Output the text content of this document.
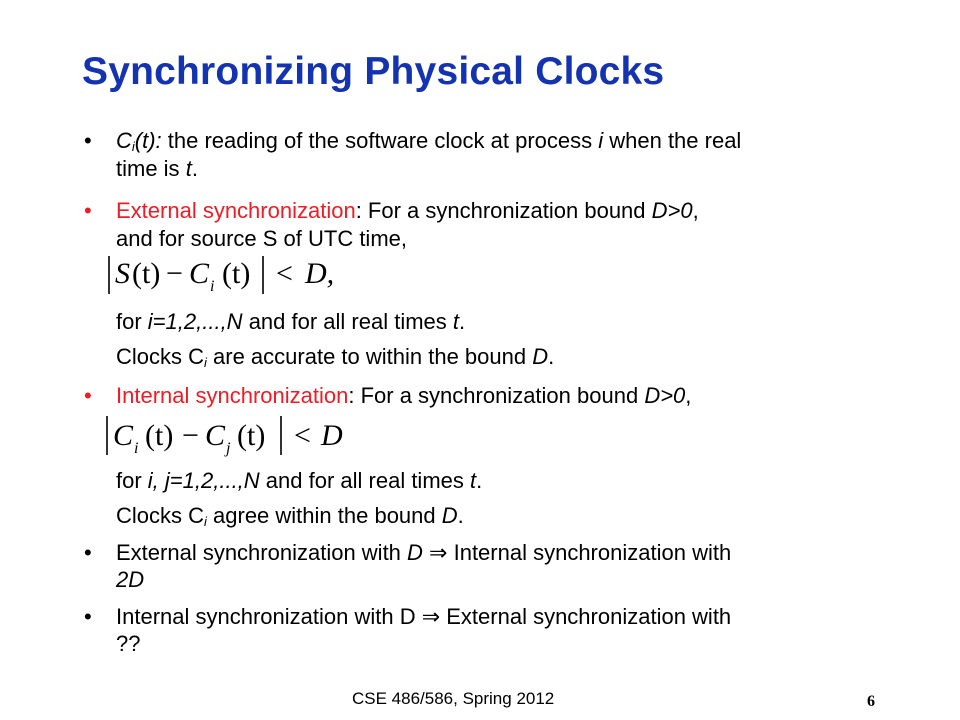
Synchronizing Physical Clocks
• $C_i(t)$: the reading of the software clock at process i when the real
time is t.
• External synchronization: For a synchronization bound D>0,
and for source S of UTC time,
S (t) − C i (t) < D,
for i=1,2,...,N and for all real times t.
Clocks $C_i$ are accurate to within the bound D.
• Internal synchronization: For a synchronization bound D>0,
C i (t) − C j (t) < D
for i, j=1,2,...,N and for all real times t.
Clocks $C_i$ agree within the bound D.
• External synchronization with D ⇒ Internal synchronization with
2D
• Internal synchronization with D ⇒ External synchronization with
??
CSE 486/586, Spring 2012	6
